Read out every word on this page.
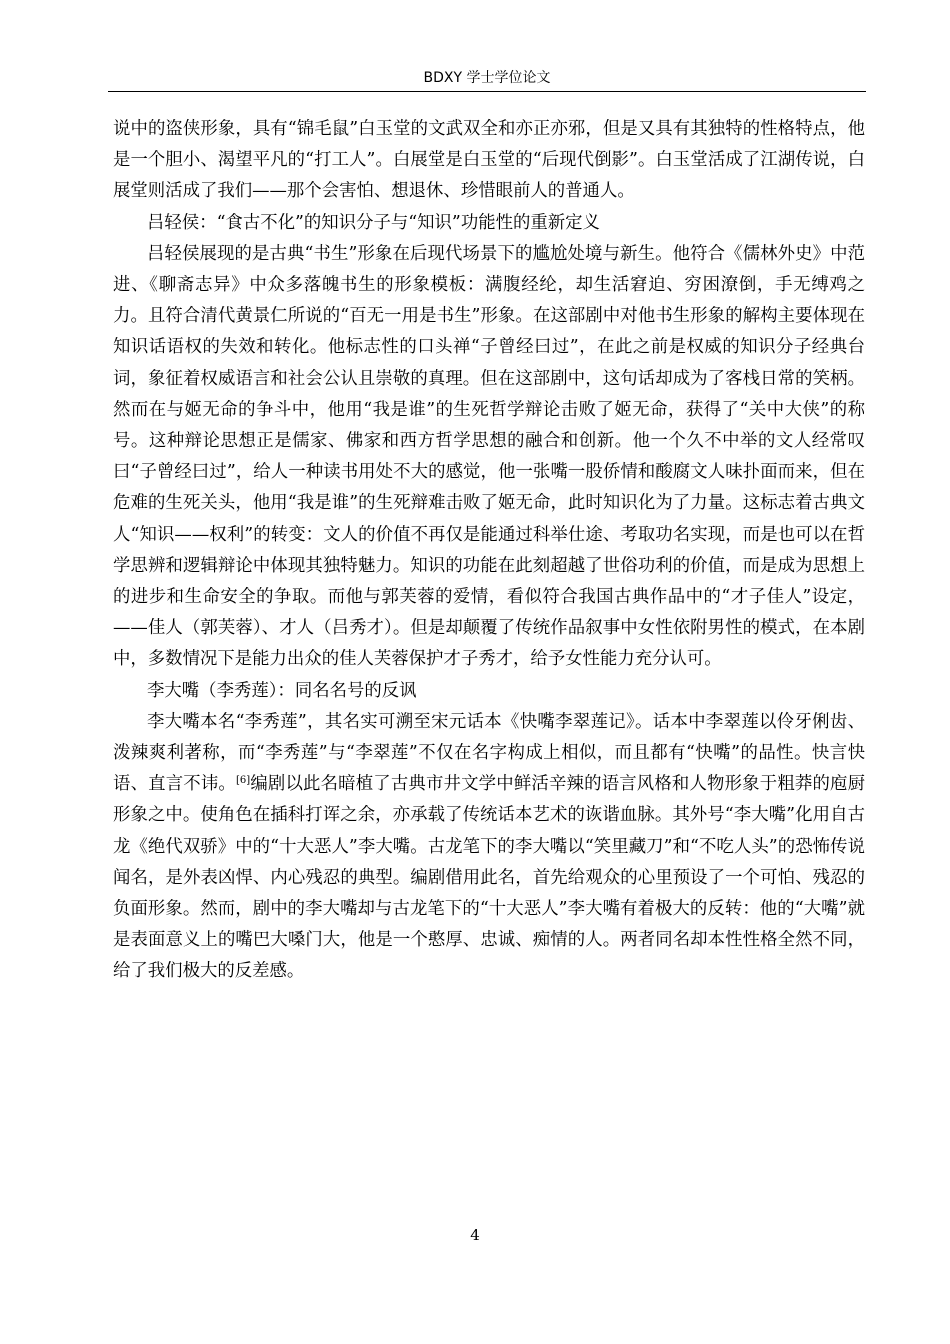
BDXY 学士学位论文

说中的盗侠形象，具有“锦毛鼠”白玉堂的文武双全和亦正亦邪，但是又具有其独特的性格特点，他是一个胆小、渴望平凡的“打工人”。白展堂是白玉堂的“后现代倒影”。白玉堂活成了江湖传说，白展堂则活成了我们——那个会害怕、想退休、珍惜眼前人的普通人。

吕轻侯：“食古不化”的知识分子与“知识”功能性的重新定义

吕轻侯展现的是古典“书生”形象在后现代场景下的尴尬处境与新生。他符合《儒林外史》中范进、《聊斋志异》中众多落魄书生的形象模板：满腹经纶，却生活窘迫、穷困潦倒，手无缚鸡之力。且符合清代黄景仁所说的“百无一用是书生”形象。在这部剧中对他书生形象的解构主要体现在知识话语权的失效和转化。他标志性的口头禅“子曾经曰过”，在此之前是权威的知识分子经典台词，象征着权威语言和社会公认且崇敬的真理。但在这部剧中，这句话却成为了客栈日常的笑柄。然而在与姬无命的争斗中，他用“我是谁”的生死哲学辩论击败了姬无命，获得了“关中大侠”的称号。这种辩论思想正是儒家、佛家和西方哲学思想的融合和创新。他一个久不中举的文人经常叹曰“子曾经曰过”，给人一种读书用处不大的感觉，他一张嘴一股侨情和酸腐文人味扑面而来，但在危难的生死关头，他用“我是谁”的生死辩难击败了姬无命，此时知识化为了力量。这标志着古典文人“知识——权利”的转变：文人的价值不再仅是能通过科举仕途、考取功名实现，而是也可以在哲学思辨和逻辑辩论中体现其独特魅力。知识的功能在此刻超越了世俗功利的价值，而是成为思想上的进步和生命安全的争取。而他与郭芙蓉的爱情，看似符合我国古典作品中的“才子佳人”设定，——佳人（郭芙蓉）、才人（吕秀才）。但是却颠覆了传统作品叙事中女性依附男性的模式，在本剧中，多数情况下是能力出众的佳人芙蓉保护才子秀才，给予女性能力充分认可。

李大嘴（李秀莲）：同名名号的反讽

李大嘴本名“李秀莲”，其名实可溯至宋元话本《快嘴李翠莲记》。话本中李翠莲以伶牙俐齿、泼辣爽利著称，而“李秀莲”与“李翠莲”不仅在名字构成上相似，而且都有“快嘴”的品性。快言快语、直言不讳。[6]编剧以此名暗植了古典市井文学中鲜活辛辣的语言风格和人物形象于粗莽的庖厨形象之中。使角色在插科打诨之余，亦承载了传统话本艺术的诙谐血脉。其外号“李大嘴”化用自古龙《绝代双骄》中的“十大恶人”李大嘴。古龙笔下的李大嘴以“笑里藏刀”和“不吃人头”的恐怖传说闻名，是外表凶悍、内心残忍的典型。编剧借用此名，首先给观众的心里预设了一个可怕、残忍的负面形象。然而，剧中的李大嘴却与古龙笔下的“十大恶人”李大嘴有着极大的反转：他的“大嘴”就是表面意义上的嘴巴大嗓门大，他是一个憨厚、忠诚、痴情的人。两者同名却本性性格全然不同，给了我们极大的反差感。

4
